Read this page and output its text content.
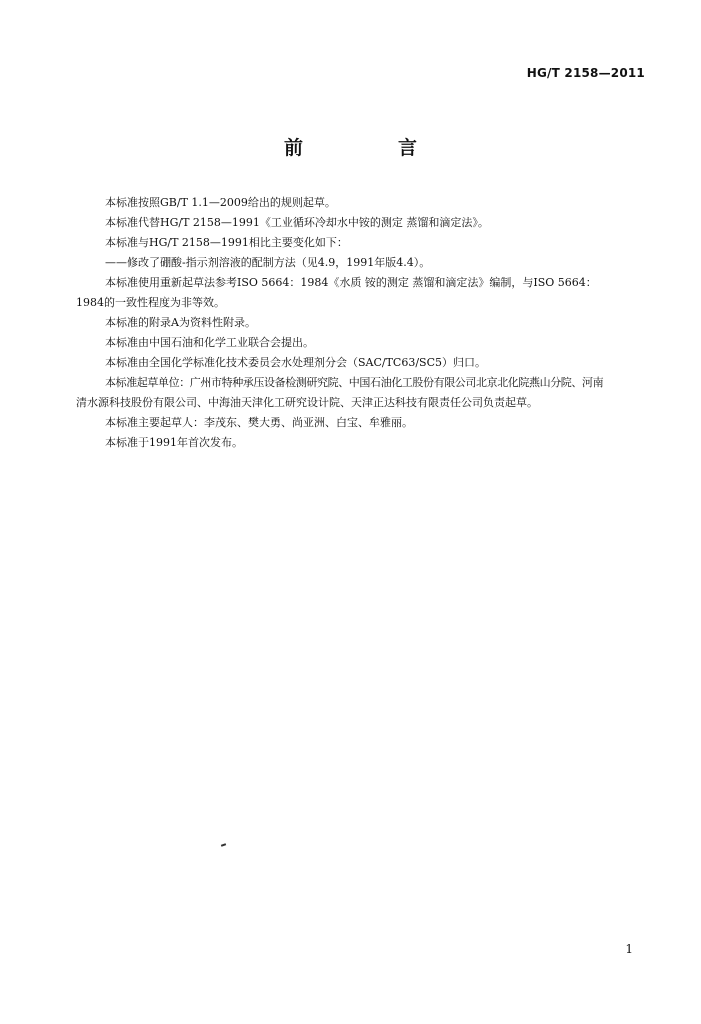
HG/T 2158—2011
前　言

本标准按照GB/T 1.1—2009给出的规则起草。

本标准代替HG/T 2158—1991《工业循环冷却水中铵的测定 蒸馏和滴定法》。

本标准与HG/T 2158—1991相比主要变化如下：

——修改了硼酸-指示剂溶液的配制方法（见4.9，1991年版4.4）。

本标准使用重新起草法参考ISO 5664：1984《水质 铵的测定 蒸馏和滴定法》编制，与ISO 5664：

1984的一致性程度为非等效。

本标准的附录A为资料性附录。

本标准由中国石油和化学工业联合会提出。

本标准由全国化学标准化技术委员会水处理剂分会（SAC/TC63/SC5）归口。

本标准起草单位：广州市特种承压设备检测研究院、中国石油化工股份有限公司北京北化院燕山分院、河南

清水源科技股份有限公司、中海油天津化工研究设计院、天津正达科技有限责任公司负责起草。

本标准主要起草人：李茂东、樊大勇、尚亚洲、白宝、牟雅丽。

本标准于1991年首次发布。

1
